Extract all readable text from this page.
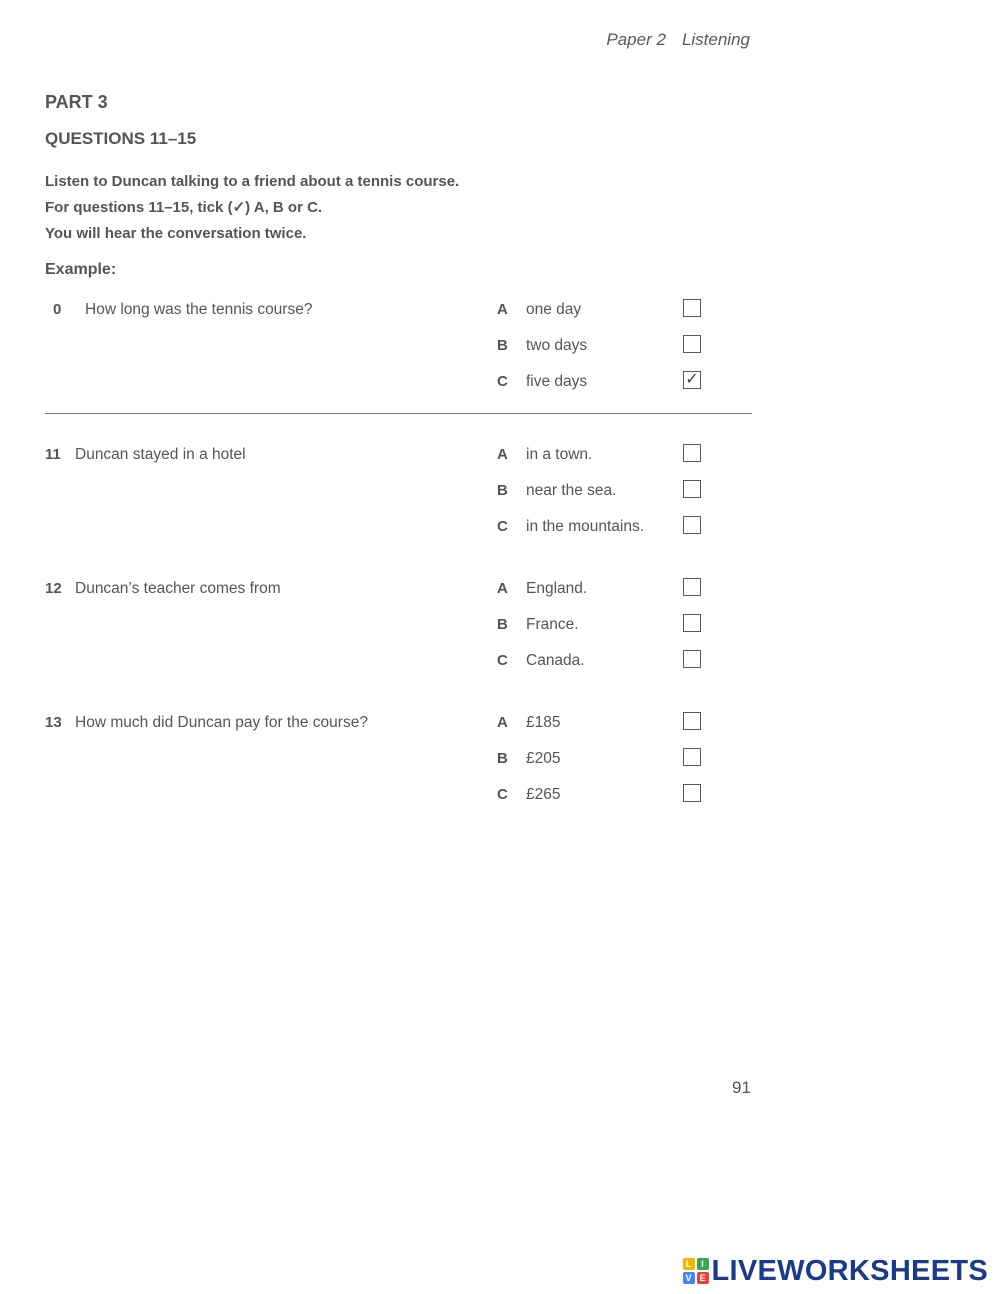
Paper 2 Listening
PART 3
QUESTIONS 11–15
Listen to Duncan talking to a friend about a tennis course.
For questions 11–15, tick (✓) A, B or C.
You will hear the conversation twice.
Example:
0 How long was the tennis course?	A one day
B two days
C five days	✓
11 Duncan stayed in a hotel	A in a town.
B near the sea.
C in the mountains.
12 Duncan’s teacher comes from	A England.
B France.
C Canada.
13 How much did Duncan pay for the course?	A £185
B £205
C £265
91
L	I
V E LIVEWORKSHEETS
